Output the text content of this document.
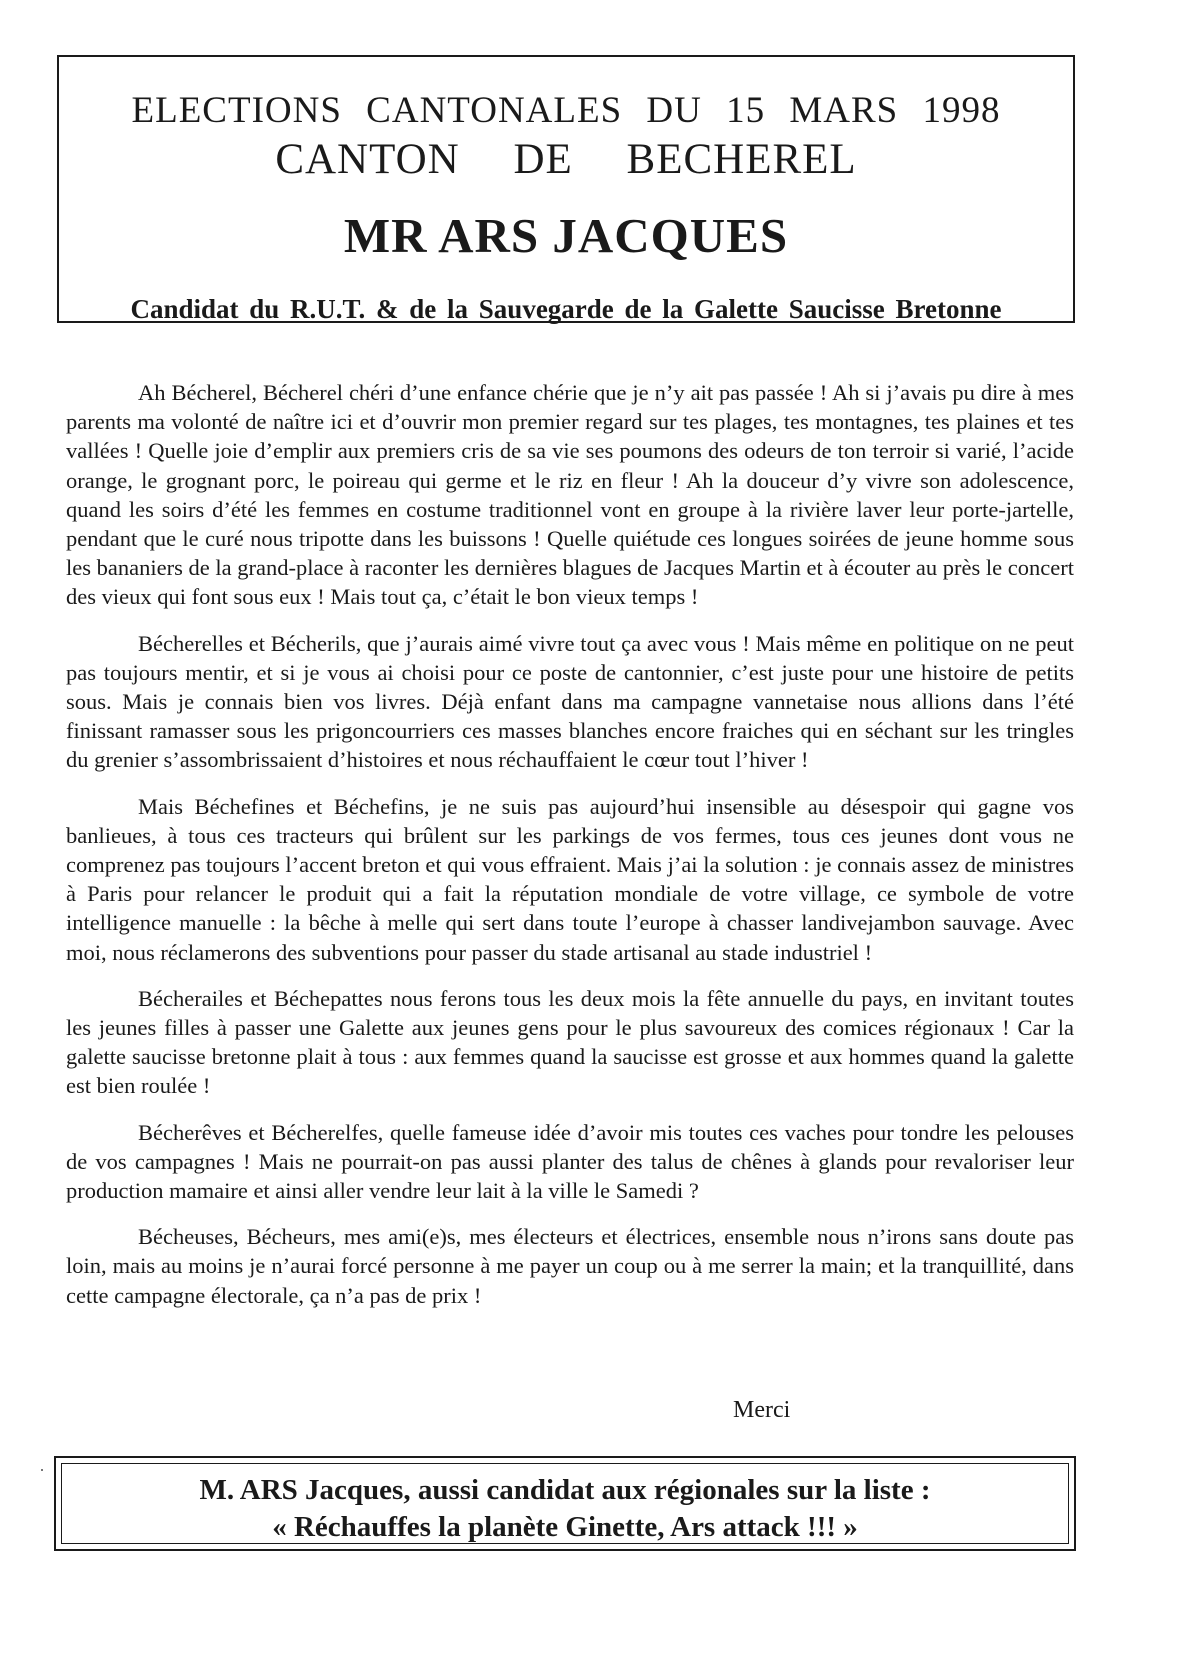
ELECTIONS CANTONALES DU 15 MARS 1998
CANTON DE BECHEREL
MR ARS JACQUES
Candidat du R.U.T. & de la Sauvegarde de la Galette Saucisse Bretonne

Ah Bécherel, Bécherel chéri d’une enfance chérie que je n’y ait pas passée ! Ah si j’avais pu dire à mes parents ma volonté de naître ici et d’ouvrir mon premier regard sur tes plages, tes montagnes, tes plaines et tes vallées ! Quelle joie d’emplir aux premiers cris de sa vie ses poumons des odeurs de ton terroir si varié, l’acide orange, le grognant porc, le poireau qui germe et le riz en fleur ! Ah la douceur d’y vivre son adolescence, quand les soirs d’été les femmes en costume traditionnel vont en groupe à la rivière laver leur porte-jartelle, pendant que le curé nous tripotte dans les buissons ! Quelle quiétude ces longues soirées de jeune homme sous les bananiers de la grand-place à raconter les dernières blagues de Jacques Martin et à écouter au près le concert des vieux qui font sous eux ! Mais tout ça, c’était le bon vieux temps !

Bécherelles et Bécherils, que j’aurais aimé vivre tout ça avec vous ! Mais même en politique on ne peut pas toujours mentir, et si je vous ai choisi pour ce poste de cantonnier, c’est juste pour une histoire de petits sous. Mais je connais bien vos livres. Déjà enfant dans ma campagne vannetaise nous allions dans l’été finissant ramasser sous les prigoncourriers ces masses blanches encore fraiches qui en séchant sur les tringles du grenier s’assombrissaient d’histoires et nous réchauffaient le cœur tout l’hiver !

Mais Béchefines et Béchefins, je ne suis pas aujourd’hui insensible au désespoir qui gagne vos banlieues, à tous ces tracteurs qui brûlent sur les parkings de vos fermes, tous ces jeunes dont vous ne comprenez pas toujours l’accent breton et qui vous effraient. Mais j’ai la solution : je connais assez de ministres à Paris pour relancer le produit qui a fait la réputation mondiale de votre village, ce symbole de votre intelligence manuelle : la bêche à melle qui sert dans toute l’europe à chasser landivejambon sauvage. Avec moi, nous réclamerons des subventions pour passer du stade artisanal au stade industriel !

Bécherailes et Béchepattes nous ferons tous les deux mois la fête annuelle du pays, en invitant toutes les jeunes filles à passer une Galette aux jeunes gens pour le plus savoureux des comices régionaux ! Car la galette saucisse bretonne plait à tous : aux femmes quand la saucisse est grosse et aux hommes quand la galette est bien roulée !

Bécherêves et Bécherelfes, quelle fameuse idée d’avoir mis toutes ces vaches pour tondre les pelouses de vos campagnes ! Mais ne pourrait-on pas aussi planter des talus de chênes à glands pour revaloriser leur production mamaire et ainsi aller vendre leur lait à la ville le Samedi ?

Bécheuses, Bécheurs, mes ami(e)s, mes électeurs et électrices, ensemble nous n’irons sans doute pas loin, mais au moins je n’aurai forcé personne à me payer un coup ou à me serrer la main; et la tranquillité, dans cette campagne électorale, ça n’a pas de prix !

Merci
M. ARS Jacques, aussi candidat aux régionales sur la liste :
« Réchauffes la planète Ginette, Ars attack !!! »
